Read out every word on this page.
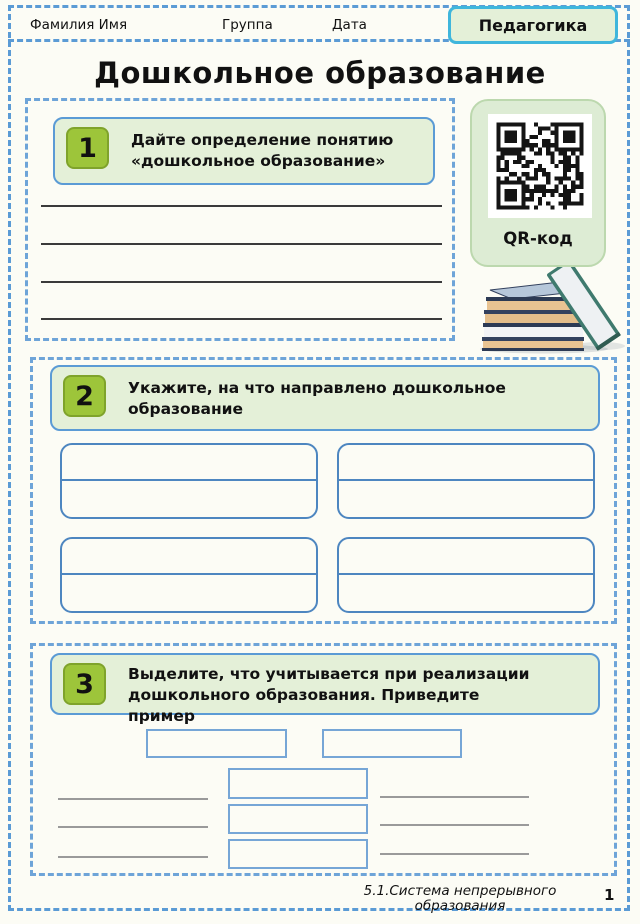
Фамилия Имя	Группа	Дата	Педагогика
Дошкольное образование
1	Дайте определение понятию
«дошкольное образование»
QR-код
2	Укажите, на что направлено дошкольное
образование
3	Выделите, что учитывается при реализации
дошкольного образования. Приведите
пример
5.1.Система непрерывного
образования
1
